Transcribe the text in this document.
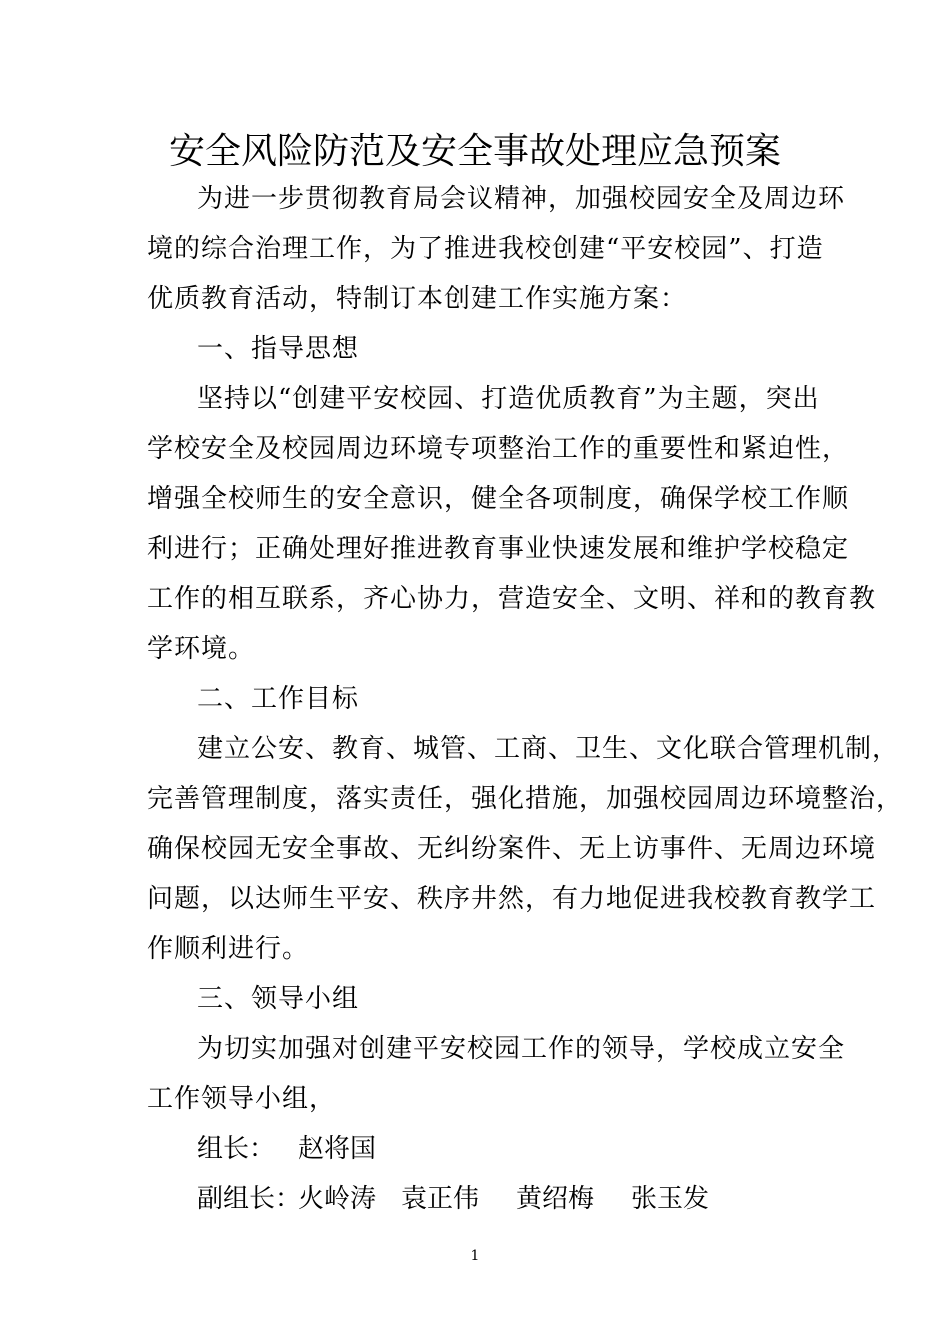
安全风险防范及安全事故处理应急预案
为进一步贯彻教育局会议精神，加强校园安全及周边环
境的综合治理工作，为了推进我校创建“平安校园”、打造
优质教育活动，特制订本创建工作实施方案：
一、指导思想
坚持以“创建平安校园、打造优质教育”为主题，突出
学校安全及校园周边环境专项整治工作的重要性和紧迫性，
增强全校师生的安全意识，健全各项制度，确保学校工作顺
利进行；正确处理好推进教育事业快速发展和维护学校稳定
工作的相互联系，齐心协力，营造安全、文明、祥和的教育教
学环境。
二、工作目标
建立公安、教育、城管、工商、卫生、文化联合管理机制，
完善管理制度，落实责任，强化措施，加强校园周边环境整治，
确保校园无安全事故、无纠纷案件、无上访事件、无周边环境
问题，以达师生平安、秩序井然，有力地促进我校教育教学工
作顺利进行。
三、领导小组
为切实加强对创建平安校园工作的领导，学校成立安全
工作领导小组，
组长： 赵将国
副组长：
火岭涛 袁正伟 黄绍梅 张玉发
1
